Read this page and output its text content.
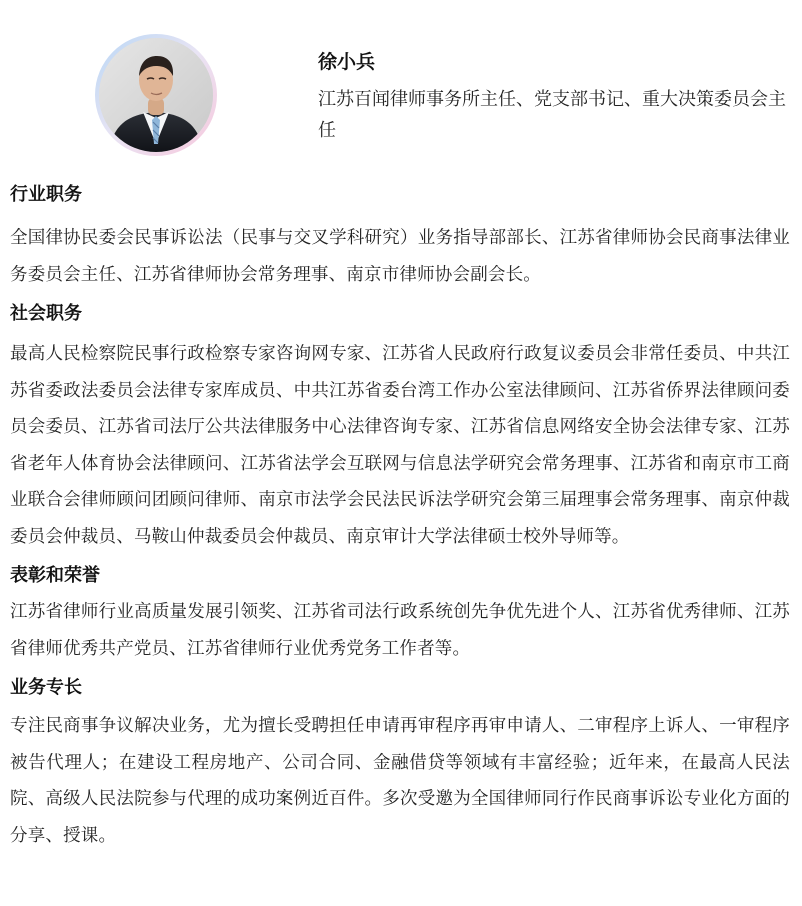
徐小兵
江苏百闻律师事务所主任、党支部书记、重大决策委员会主任
行业职务

全国律协民委会民事诉讼法（民事与交叉学科研究）业务指导部部长、江苏省律师协会民商事法律业务委员会主任、江苏省律师协会常务理事、南京市律师协会副会长。

社会职务

最高人民检察院民事行政检察专家咨询网专家、江苏省人民政府行政复议委员会非常任委员、中共江苏省委政法委员会法律专家库成员、中共江苏省委台湾工作办公室法律顾问、江苏省侨界法律顾问委员会委员、江苏省司法厅公共法律服务中心法律咨询专家、江苏省信息网络安全协会法律专家、江苏省老年人体育协会法律顾问、江苏省法学会互联网与信息法学研究会常务理事、江苏省和南京市工商业联合会律师顾问团顾问律师、南京市法学会民法民诉法学研究会第三届理事会常务理事、南京仲裁委员会仲裁员、马鞍山仲裁委员会仲裁员、南京审计大学法律硕士校外导师等。

表彰和荣誉

江苏省律师行业高质量发展引领奖、江苏省司法行政系统创先争优先进个人、江苏省优秀律师、江苏省律师优秀共产党员、江苏省律师行业优秀党务工作者等。

业务专长

专注民商事争议解决业务，尤为擅长受聘担任申请再审程序再审申请人、二审程序上诉人、一审程序被告代理人；在建设工程房地产、公司合同、金融借贷等领域有丰富经验；近年来，在最高人民法院、高级人民法院参与代理的成功案例近百件。多次受邀为全国律师同行作民商事诉讼专业化方面的分享、授课。
